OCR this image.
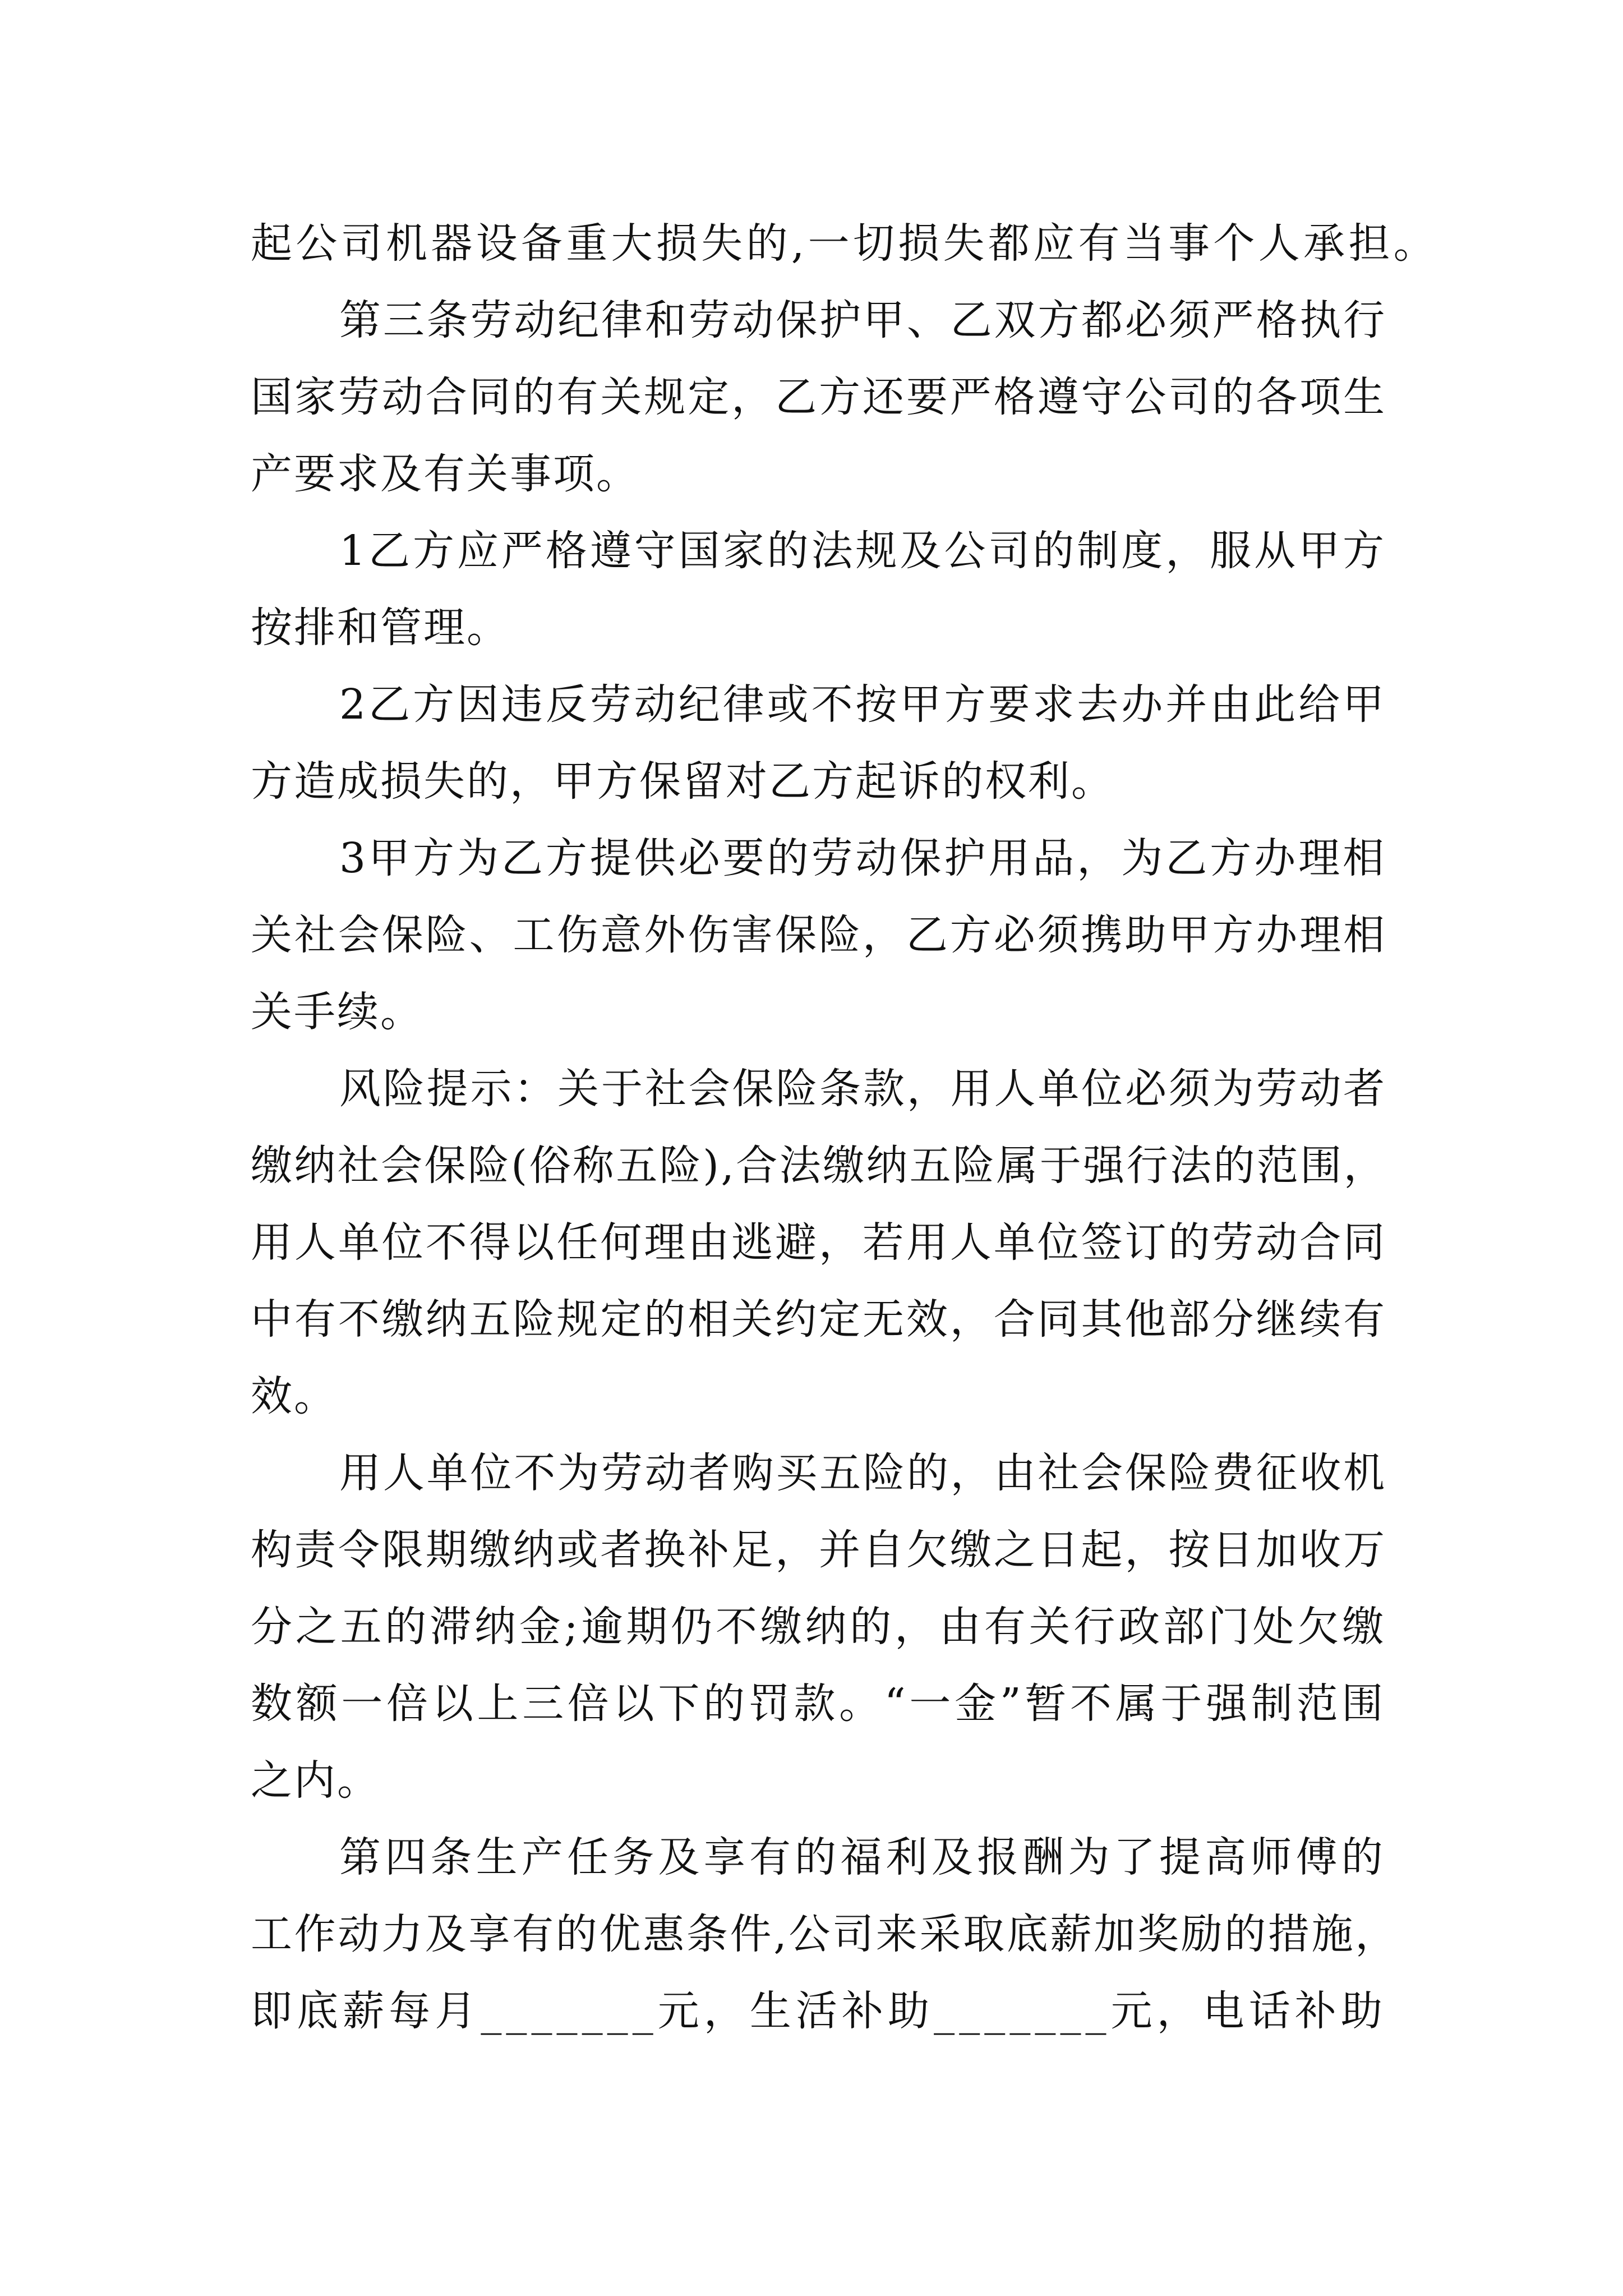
起公司机器设备重大损失的,一切损失都应有当事个人承担。
第三条劳动纪律和劳动保护甲、乙双方都必须严格执行
国家劳动合同的有关规定，乙方还要严格遵守公司的各项生
产要求及有关事项。
1乙方应严格遵守国家的法规及公司的制度，服从甲方
按排和管理。
2乙方因违反劳动纪律或不按甲方要求去办并由此给甲
方造成损失的，甲方保留对乙方起诉的权利。
3甲方为乙方提供必要的劳动保护用品，为乙方办理相
关社会保险、工伤意外伤害保险，乙方必须携助甲方办理相
关手续。
风险提示：关于社会保险条款，用人单位必须为劳动者
缴纳社会保险(俗称五险),合法缴纳五险属于强行法的范围，
用人单位不得以任何理由逃避，若用人单位签订的劳动合同
中有不缴纳五险规定的相关约定无效，合同其他部分继续有
效。
用人单位不为劳动者购买五险的，由社会保险费征收机
构责令限期缴纳或者换补足，并自欠缴之日起，按日加收万
分之五的滞纳金;逾期仍不缴纳的，由有关行政部门处欠缴
数额一倍以上三倍以下的罚款。“一金”暂不属于强制范围
之内。
第四条生产任务及享有的福利及报酬为了提高师傅的
工作动力及享有的优惠条件,公司来采取底薪加奖励的措施，
即底薪每月_______元，生活补助_______元，电话补助
